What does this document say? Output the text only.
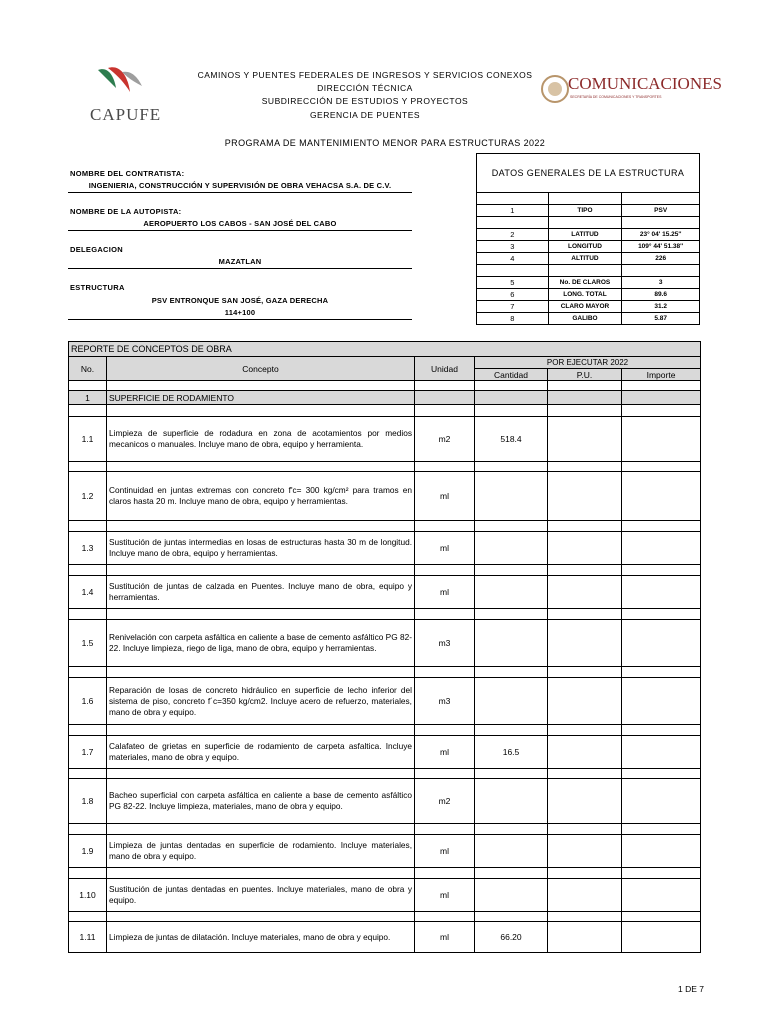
CAPUFE
COMUNICACIONES
SECRETARÍA DE COMUNICACIONES Y TRANSPORTES
CAMINOS Y PUENTES FEDERALES DE INGRESOS Y SERVICIOS CONEXOS
DIRECCIÓN TÉCNICA
SUBDIRECCIÓN DE ESTUDIOS Y PROYECTOS
GERENCIA DE PUENTES
PROGRAMA DE MANTENIMIENTO MENOR PARA ESTRUCTURAS 2022
NOMBRE DEL CONTRATISTA:
INGENIERIA, CONSTRUCCIÓN Y SUPERVISIÓN DE OBRA VEHACSA S.A. DE C.V.
NOMBRE DE LA AUTOPISTA:
AEROPUERTO LOS CABOS - SAN JOSÉ DEL CABO
DELEGACION
MAZATLAN
ESTRUCTURA
PSV ENTRONQUE SAN JOSÉ, GAZA DERECHA
114+100
DATOS GENERALES DE LA ESTRUCTURA		

1	TIPO	PSV

2	LATITUD	23° 04' 15.25''
3	LONGITUD	109° 44' 51.38''
4	ALTITUD	226

5	No. DE CLAROS	3
6	LONG. TOTAL	89.6
7	CLARO MAYOR	31.2
8	GALIBO	5.87
REPORTE DE CONCEPTOS DE OBRA					
No.	Concepto	Unidad	POR EJECUTAR 2022		
			Cantidad	P.U.	Importe

1	SUPERFICIE DE RODAMIENTO				

1.1	Limpieza de superficie de rodadura en zona de acotamientos por medios mecanicos o manuales. Incluye mano de obra, equipo y herramienta.	m2	518.4		

1.2	Continuidad en juntas extremas con concreto f'c= 300 kg/cm² para tramos en claros hasta 20 m. Incluye mano de obra, equipo y herramientas.	ml			

1.3	Sustitución de juntas intermedias en losas de estructuras hasta 30 m de longitud. Incluye mano de obra, equipo y herramientas.	ml			

1.4	Sustitución de juntas de calzada en Puentes. Incluye mano de obra, equipo y herramientas.	ml			

1.5	Renivelación con carpeta asfáltica en caliente a base de cemento asfáltico PG 82-22. Incluye limpieza, riego de liga, mano de obra, equipo y herramientas.	m3			

1.6	Reparación de losas de concreto hidráulico en superficie de lecho inferior del sistema de piso, concreto f´c=350 kg/cm2. Incluye acero de refuerzo, materiales, mano de obra y equipo.	m3			

1.7	Calafateo de grietas en superficie de rodamiento de carpeta asfaltica. Incluye materiales, mano de obra y equipo.	ml	16.5		

1.8	Bacheo superficial con carpeta asfáltica en caliente a base de cemento asfáltico PG 82-22. Incluye limpieza, materiales, mano de obra y equipo.	m2			

1.9	Limpieza de juntas dentadas en superficie de rodamiento. Incluye materiales, mano de obra y equipo.	ml			

1.10	Sustitución de juntas dentadas en puentes. Incluye materiales, mano de obra y equipo.	ml			

1.11	Limpieza de juntas de dilatación. Incluye materiales, mano de obra y equipo.	ml	66.20		
1 DE 7
